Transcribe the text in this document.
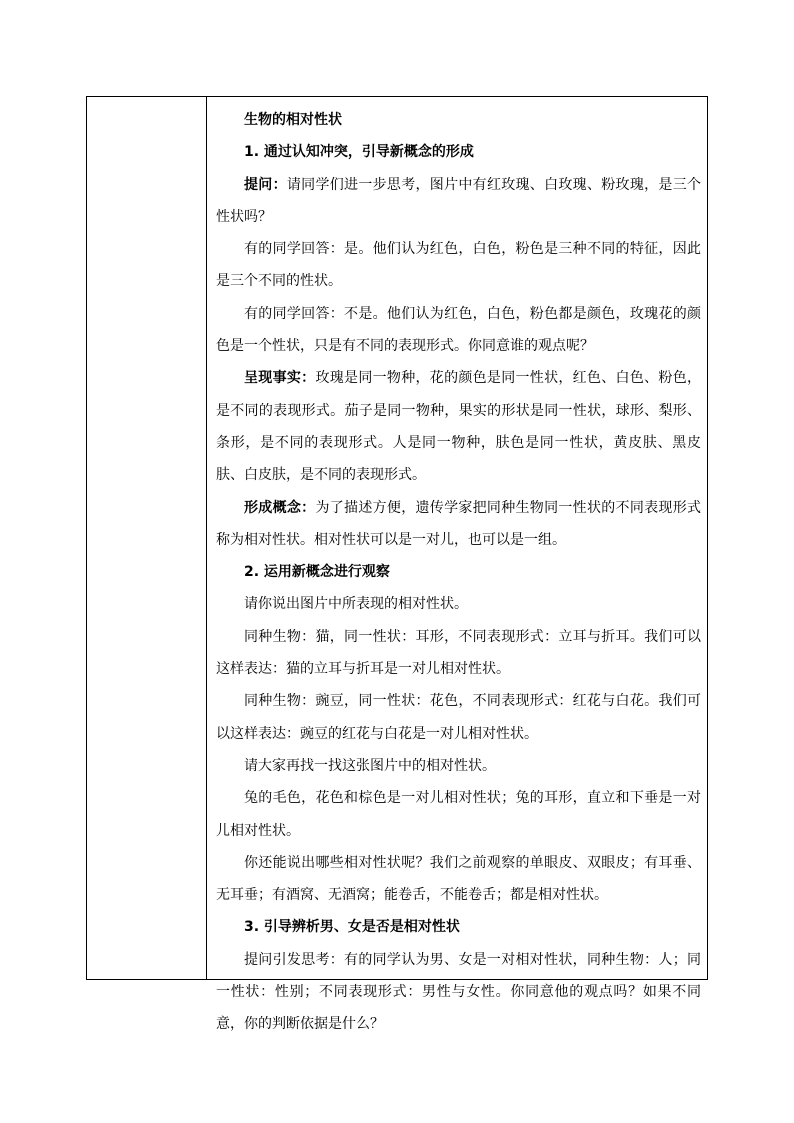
生物的相对性状

1. 通过认知冲突，引导新概念的形成

提问：请同学们进一步思考，图片中有红玫瑰、白玫瑰、粉玫瑰，是三个性状吗？

有的同学回答：是。他们认为红色，白色，粉色是三种不同的特征，因此是三个不同的性状。

有的同学回答：不是。他们认为红色，白色，粉色都是颜色，玫瑰花的颜色是一个性状，只是有不同的表现形式。你同意谁的观点呢？

呈现事实：玫瑰是同一物种，花的颜色是同一性状，红色、白色、粉色，是不同的表现形式。茄子是同一物种，果实的形状是同一性状，球形、梨形、条形，是不同的表现形式。人是同一物种，肤色是同一性状，黄皮肤、黑皮肤、白皮肤，是不同的表现形式。

形成概念：为了描述方便，遗传学家把同种生物同一性状的不同表现形式称为相对性状。相对性状可以是一对儿，也可以是一组。

2. 运用新概念进行观察

请你说出图片中所表现的相对性状。

同种生物：猫，同一性状：耳形，不同表现形式：立耳与折耳。我们可以这样表达：猫的立耳与折耳是一对儿相对性状。

同种生物：豌豆，同一性状：花色，不同表现形式：红花与白花。我们可以这样表达：豌豆的红花与白花是一对儿相对性状。

请大家再找一找这张图片中的相对性状。

兔的毛色，花色和棕色是一对儿相对性状；兔的耳形，直立和下垂是一对儿相对性状。

你还能说出哪些相对性状呢？我们之前观察的单眼皮、双眼皮；有耳垂、无耳垂；有酒窝、无酒窝；能卷舌，不能卷舌；都是相对性状。

3. 引导辨析男、女是否是相对性状

提问引发思考：有的同学认为男、女是一对相对性状，同种生物：人；同一性状：性别；不同表现形式：男性与女性。你同意他的观点吗？如果不同意，你的判断依据是什么？
